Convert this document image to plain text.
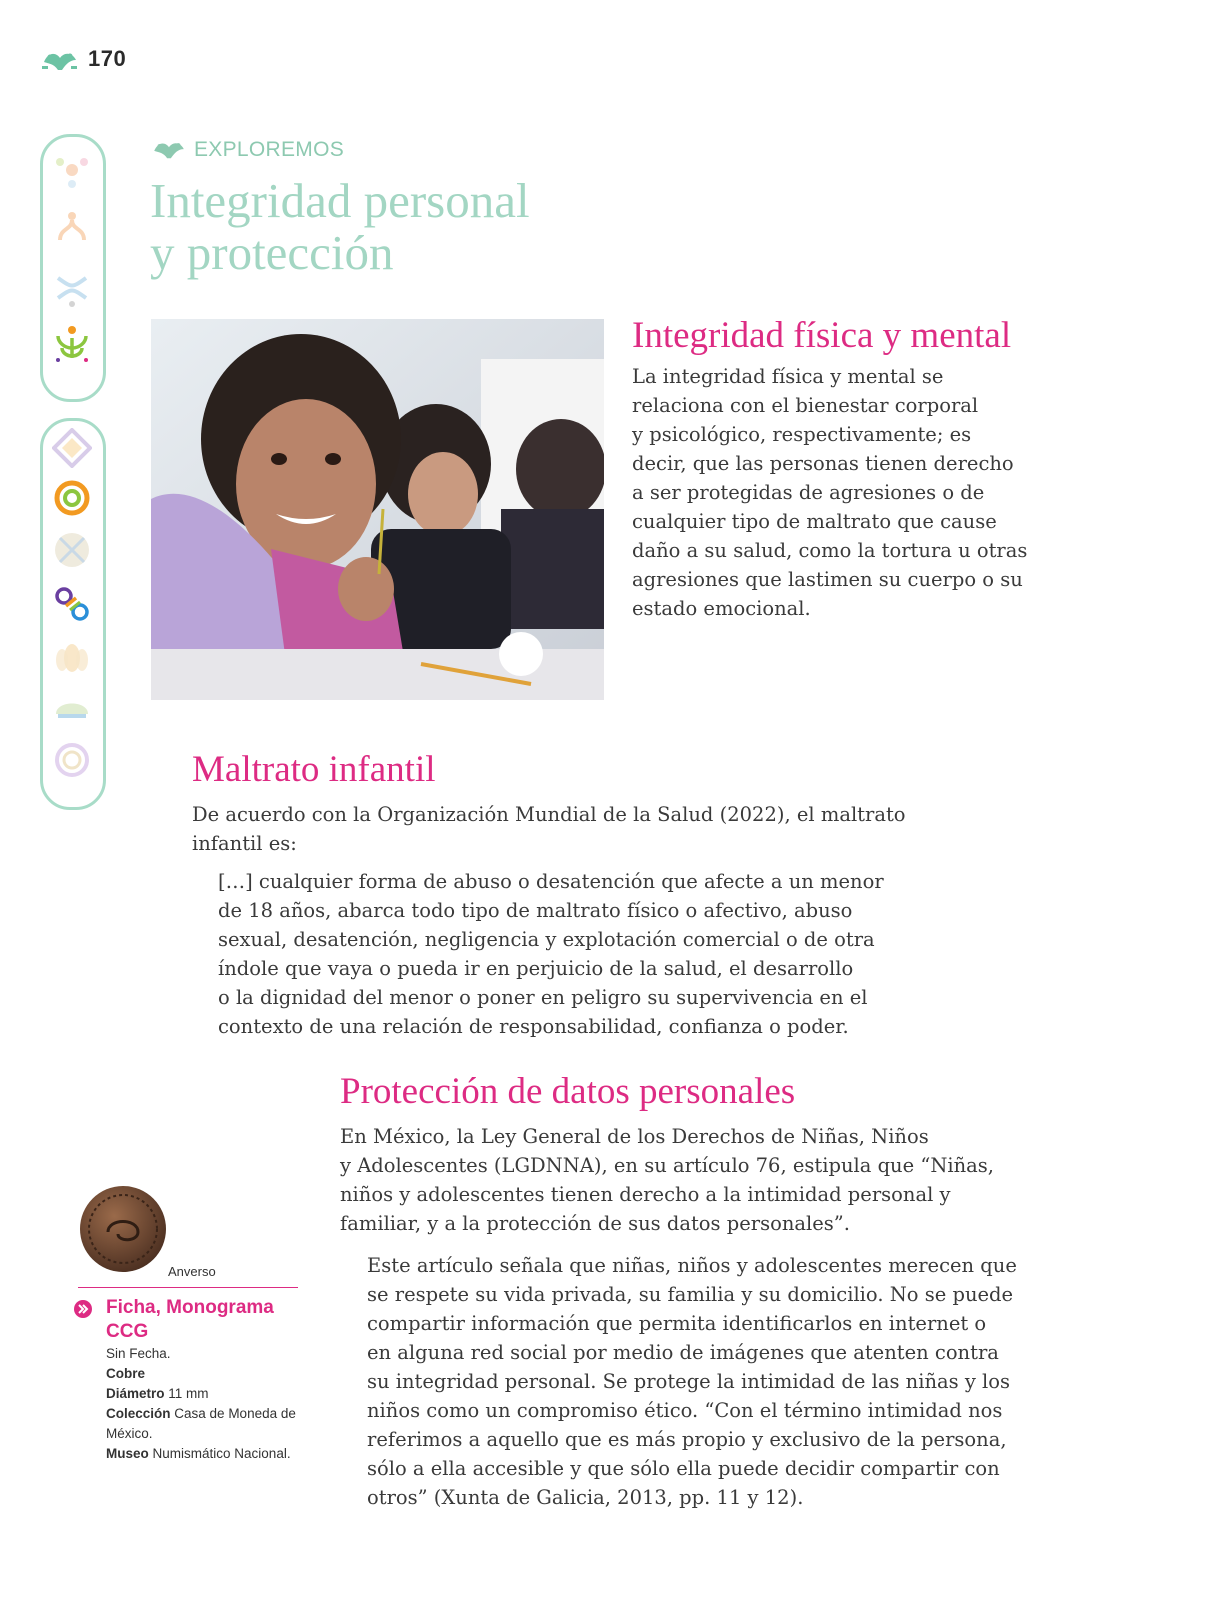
170
EXPLOREMOS
Integridad personal
y protección
Integridad física y mental
La integridad física y mental se
relaciona con el bienestar corporal
y psicológico, respectivamente; es
decir, que las personas tienen derecho
a ser protegidas de agresiones o de
cualquier tipo de maltrato que cause
daño a su salud, como la tortura u otras
agresiones que lastimen su cuerpo o su
estado emocional.
Maltrato infantil
De acuerdo con la Organización Mundial de la Salud (2022), el maltrato
infantil es:
[…] cualquier forma de abuso o desatención que afecte a un menor
de 18 años, abarca todo tipo de maltrato físico o afectivo, abuso
sexual, desatención, negligencia y explotación comercial o de otra
índole que vaya o pueda ir en perjuicio de la salud, el desarrollo
o la dignidad del menor o poner en peligro su supervivencia en el
contexto de una relación de responsabilidad, confianza o poder.
Protección de datos personales
En México, la Ley General de los Derechos de Niñas, Niños
y Adolescentes (LGDNNA), en su artículo 76, estipula que “Niñas,
niños y adolescentes tienen derecho a la intimidad personal y
familiar, y a la protección de sus datos personales”.
Este artículo señala que niñas, niños y adolescentes merecen que
se respete su vida privada, su familia y su domicilio. No se puede
compartir información que permita identificarlos en internet o
en alguna red social por medio de imágenes que atenten contra
su integridad personal. Se protege la intimidad de las niñas y los
niños como un compromiso ético. “Con el término intimidad nos
referimos a aquello que es más propio y exclusivo de la persona,
sólo a ella accesible y que sólo ella puede decidir compartir con
otros” (Xunta de Galicia, 2013, pp. 11 y 12).
Anverso
Ficha, Monograma CCG
Sin Fecha.
Cobre
Diámetro 11 mm
Colección Casa de Moneda de México.
Museo Numismático Nacional.
